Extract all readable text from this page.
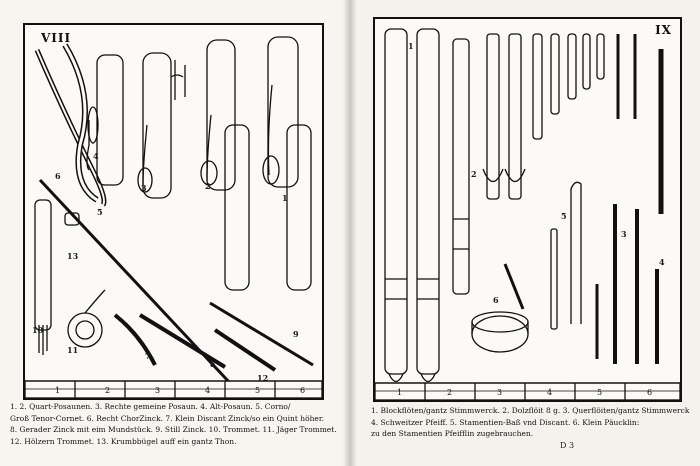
VIII
1	2	3	4	5	6
1
2
3
4
5
6
7
8
9
10
11
12
13
1. 2. Quart-Posaunen. 3. Rechte gemeine Posaun. 4. Alt-Posaun. 5. Corno/
Groß Tenor-Cornet. 6. Recht ChorZinck. 7. Klein Discant Zinck/so ein Quint höher.
8. Gerader Zinck mit eim Mundstück. 9. Still Zinck. 10. Trommet. 11. Jäger Trommet.
12. Hölzern Trommet. 13. Krumbbügel auff ein gantz Thon.
IX
1	2	3	4	5	6
1
2
3
4
5
6
1. Blockflöten/gantz Stimmwerck. 2. Dolzflöit 8 g. 3. Querflöiten/gantz Stimmwerck
4. Schweitzer Pfeiff. 5. Stamentien-Baß vnd Discant. 6. Klein Päucklin:
zu den Stamentien Pfeifflin zugebrauchen.
D 3
